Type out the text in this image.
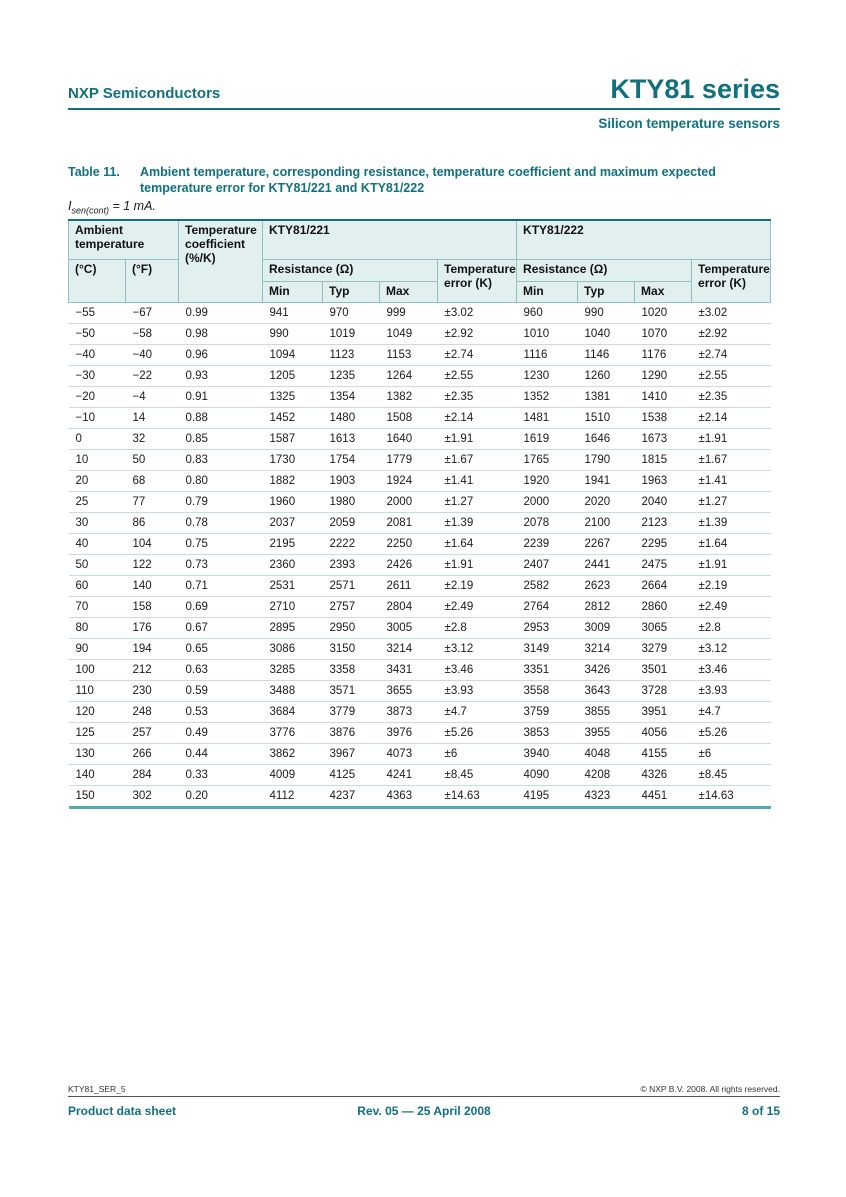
NXP Semiconductors	KTY81 series
Silicon temperature sensors
Table 11.	Ambient temperature, corresponding resistance, temperature coefficient and maximum expected temperature error for KTY81/221 and KTY81/222
$I_{sen(cont)} = 1$ mA.
Ambient temperature		Temperature coefficient (%/K)	KTY81/221				KTY81/222			
(°C)	(°F)		Resistance (Ω)			Temperature error (K)	Resistance (Ω)			Temperature error (K)
			Min	Typ	Max		Min	Typ	Max	
−55	−67	0.99	941	970	999	±3.02	960	990	1020	±3.02
−50	−58	0.98	990	1019	1049	±2.92	1010	1040	1070	±2.92
−40	−40	0.96	1094	1123	1153	±2.74	1116	1146	1176	±2.74
−30	−22	0.93	1205	1235	1264	±2.55	1230	1260	1290	±2.55
−20	−4	0.91	1325	1354	1382	±2.35	1352	1381	1410	±2.35
−10	14	0.88	1452	1480	1508	±2.14	1481	1510	1538	±2.14
0	32	0.85	1587	1613	1640	±1.91	1619	1646	1673	±1.91
10	50	0.83	1730	1754	1779	±1.67	1765	1790	1815	±1.67
20	68	0.80	1882	1903	1924	±1.41	1920	1941	1963	±1.41
25	77	0.79	1960	1980	2000	±1.27	2000	2020	2040	±1.27
30	86	0.78	2037	2059	2081	±1.39	2078	2100	2123	±1.39
40	104	0.75	2195	2222	2250	±1.64	2239	2267	2295	±1.64
50	122	0.73	2360	2393	2426	±1.91	2407	2441	2475	±1.91
60	140	0.71	2531	2571	2611	±2.19	2582	2623	2664	±2.19
70	158	0.69	2710	2757	2804	±2.49	2764	2812	2860	±2.49
80	176	0.67	2895	2950	3005	±2.8	2953	3009	3065	±2.8
90	194	0.65	3086	3150	3214	±3.12	3149	3214	3279	±3.12
100	212	0.63	3285	3358	3431	±3.46	3351	3426	3501	±3.46
110	230	0.59	3488	3571	3655	±3.93	3558	3643	3728	±3.93
120	248	0.53	3684	3779	3873	±4.7	3759	3855	3951	±4.7
125	257	0.49	3776	3876	3976	±5.26	3853	3955	4056	±5.26
130	266	0.44	3862	3967	4073	±6	3940	4048	4155	±6
140	284	0.33	4009	4125	4241	±8.45	4090	4208	4326	±8.45
150	302	0.20	4112	4237	4363	±14.63	4195	4323	4451	±14.63
KTY81_SER_5	© NXP B.V. 2008. All rights reserved.
Product data sheet	Rev. 05 — 25 April 2008	8 of 15
